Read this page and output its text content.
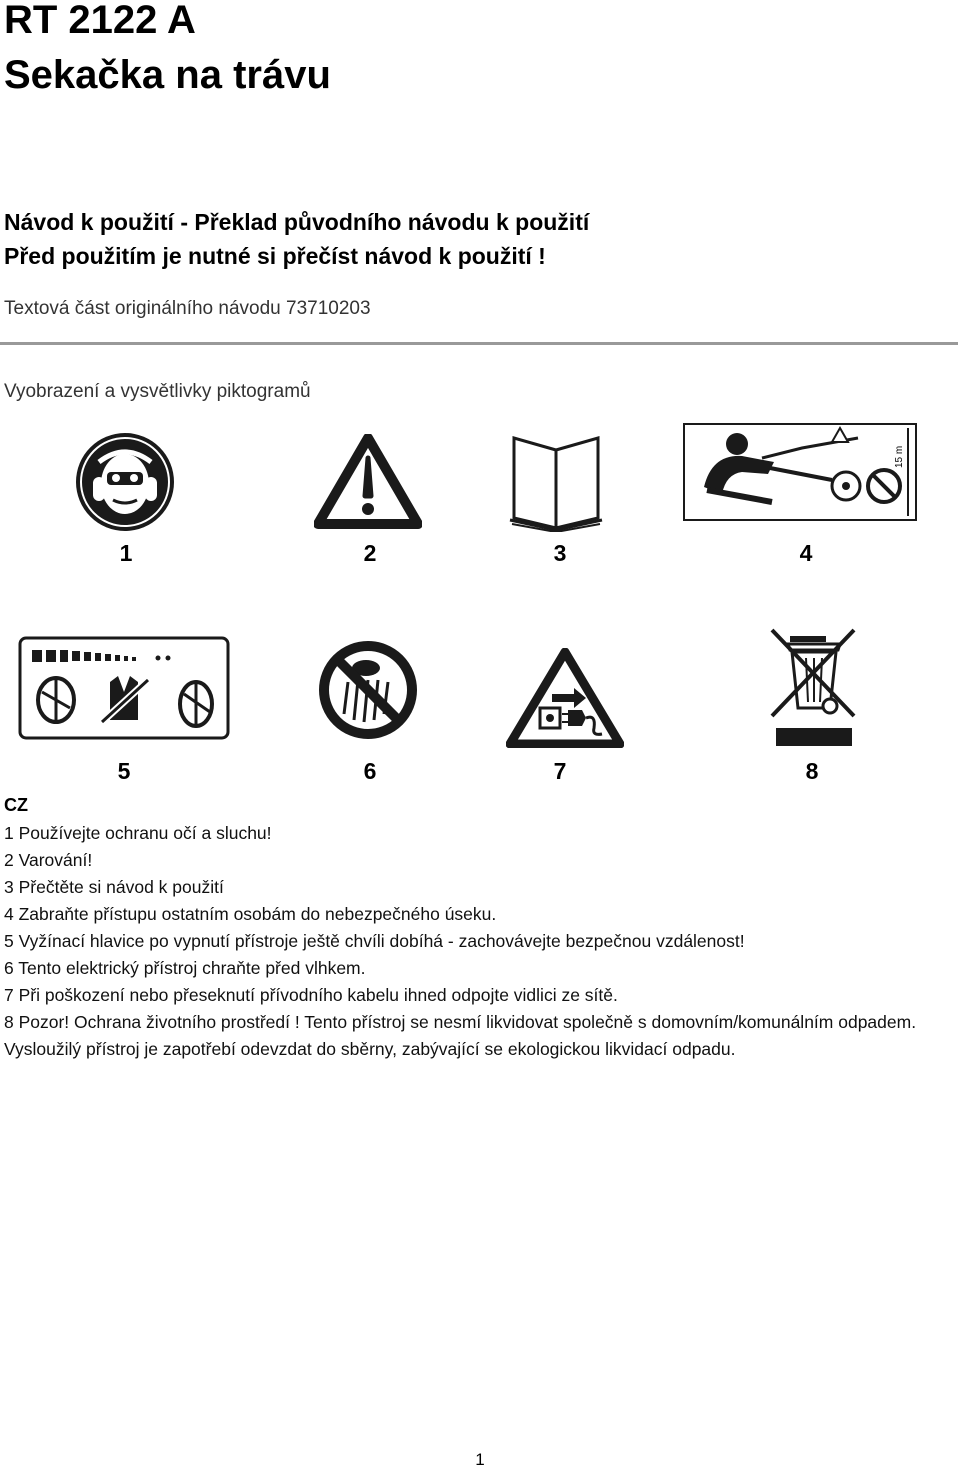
RT 2122 A
Sekačka na trávu

Návod k použití - Překlad původního návodu k použití

Před použitím je nutné si přečíst návod k použití !

Textová část originálního návodu 73710203

Vyobrazení a vysvětlivky piktogramů

1	2	3
15 m
4
5	6	7	8

CZ

1 Používejte ochranu očí a sluchu!
2 Varování!
3 Přečtěte si návod k použití
4 Zabraňte přístupu ostatním osobám do nebezpečného úseku.
5 Vyžínací hlavice po vypnutí přístroje ještě chvíli dobíhá - zachovávejte bezpečnou vzdálenost!
6 Tento elektrický přístroj chraňte před vlhkem.
7 Při poškození nebo přeseknutí přívodního kabelu ihned odpojte vidlici ze sítě.
8 Pozor! Ochrana životního prostředí ! Tento přístroj se nesmí likvidovat společně s domovním/komunálním odpadem. Vysloužilý přístroj je zapotřebí odevzdat do sběrny, zabývající se ekologickou likvidací odpadu.
1
